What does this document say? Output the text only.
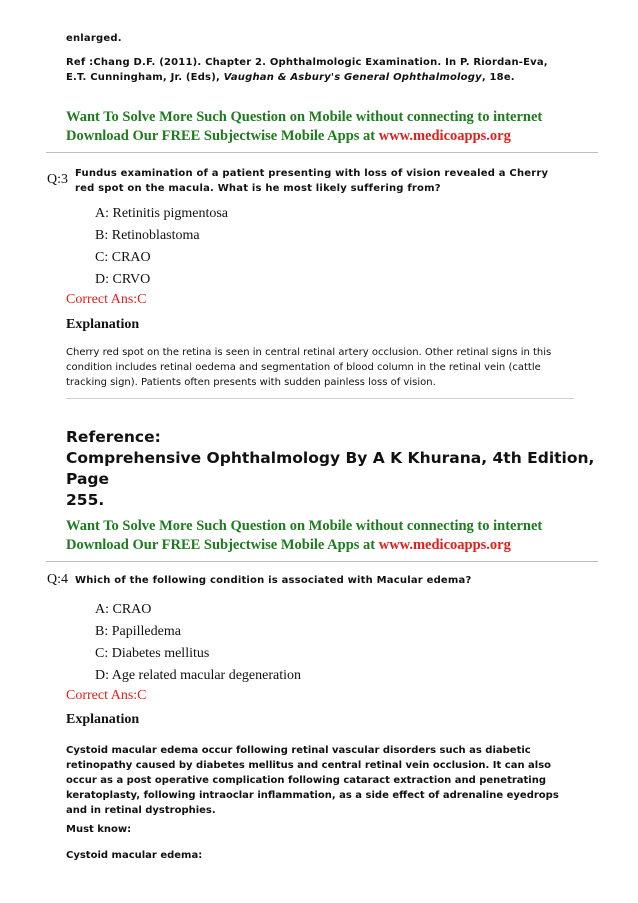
enlarged.
Ref :Chang D.F. (2011). Chapter 2. Ophthalmologic Examination. In P. Riordan-Eva,
E.T. Cunningham, Jr. (Eds), Vaughan & Asbury's General Ophthalmology, 18e.
Want To Solve More Such Question on Mobile without connecting to internet
Download Our FREE Subjectwise Mobile Apps at www.medicoapps.org
Q:3 Fundus examination of a patient presenting with loss of vision revealed a Cherry
red spot on the macula. What is he most likely suffering from?
A: Retinitis pigmentosa
B: Retinoblastoma
C: CRAO
D: CRVO
Correct Ans:C
Explanation
Cherry red spot on the retina is seen in central retinal artery occlusion. Other retinal signs in this
condition includes retinal oedema and segmentation of blood column in the retinal vein (cattle
tracking sign). Patients often presents with sudden painless loss of vision.
Reference:
Comprehensive Ophthalmology By A K Khurana, 4th Edition, Page
255.
Want To Solve More Such Question on Mobile without connecting to internet
Download Our FREE Subjectwise Mobile Apps at www.medicoapps.org
Q:4 Which of the following condition is associated with Macular edema?
A: CRAO
B: Papilledema
C: Diabetes mellitus
D: Age related macular degeneration
Correct Ans:C
Explanation
Cystoid macular edema occur following retinal vascular disorders such as diabetic
retinopathy caused by diabetes mellitus and central retinal vein occlusion. It can also
occur as a post operative complication following cataract extraction and penetrating
keratoplasty, following intraoclar inflammation, as a side effect of adrenaline eyedrops
and in retinal dystrophies.
Must know:
Cystoid macular edema:
